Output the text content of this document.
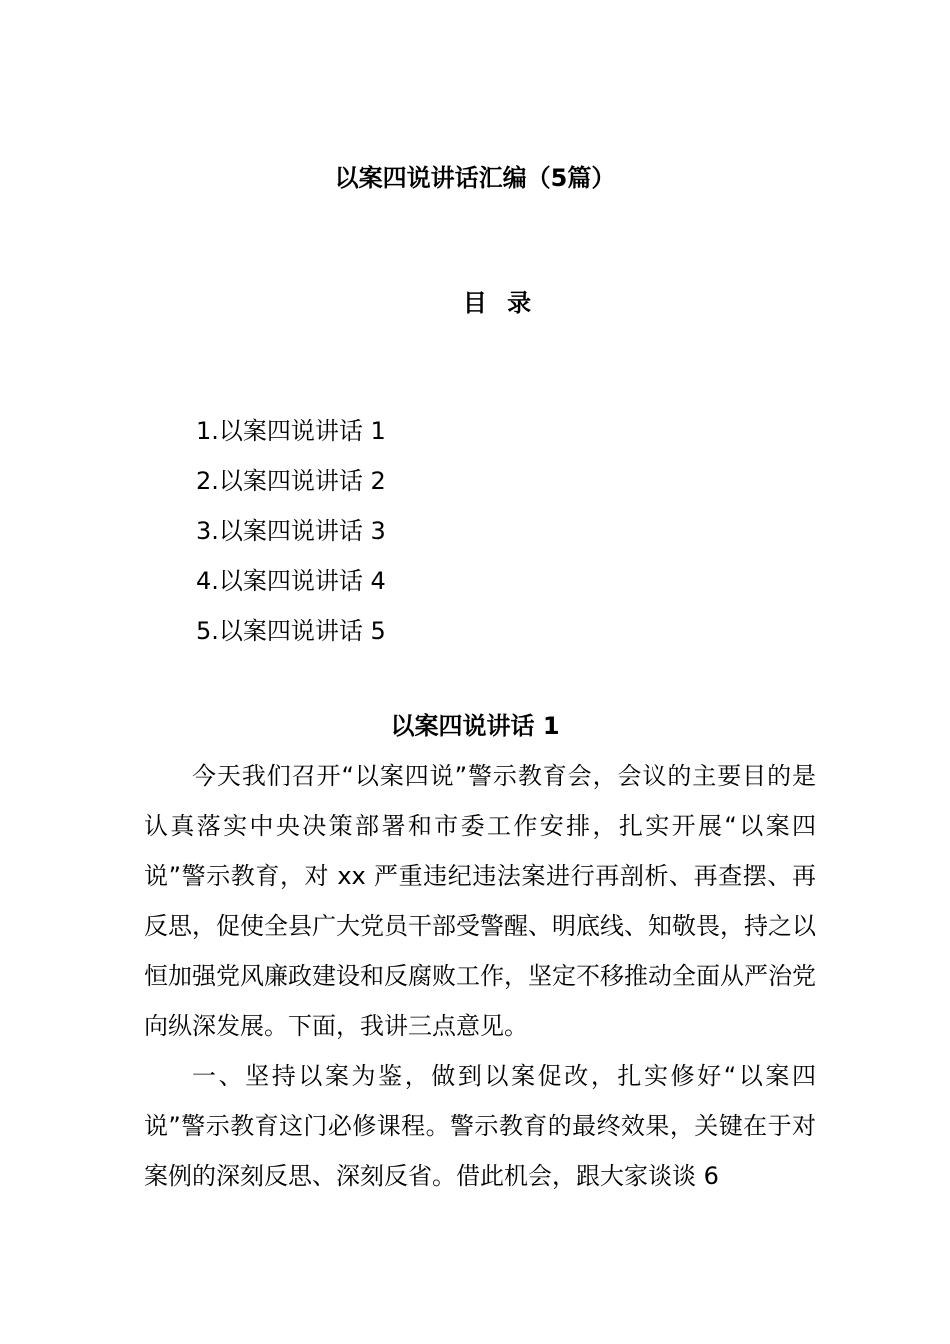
以案四说讲话汇编（5篇）
目 录
1.以案四说讲话 1
2.以案四说讲话 2
3.以案四说讲话 3
4.以案四说讲话 4
5.以案四说讲话 5
以案四说讲话 1

今天我们召开“以案四说”警示教育会，会议的主要目的是认真落实中央决策部署和市委工作安排，扎实开展“以案四说”警示教育，对 xx 严重违纪违法案进行再剖析、再查摆、再反思，促使全县广大党员干部受警醒、明底线、知敬畏，持之以恒加强党风廉政建设和反腐败工作，坚定不移推动全面从严治党向纵深发展。下面，我讲三点意见。

一、坚持以案为鉴，做到以案促改，扎实修好“以案四说”警示教育这门必修课程。警示教育的最终效果，关键在于对案例的深刻反思、深刻反省。借此机会，跟大家谈谈 6
